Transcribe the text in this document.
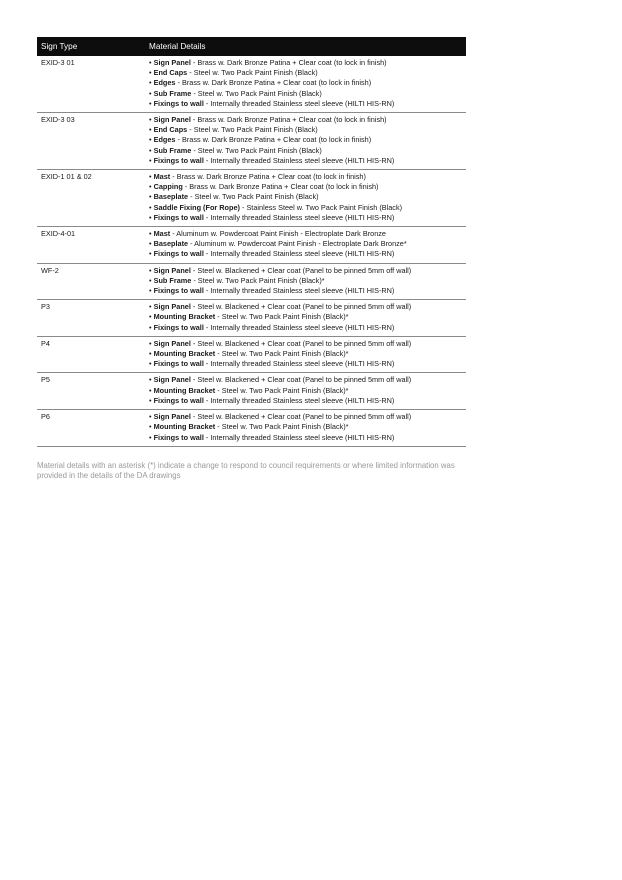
Sign Type	Material Details
EXID-3 01	• Sign Panel - Brass w. Dark Bronze Patina + Clear coat (to lock in finish)
• End Caps - Steel w. Two Pack Paint Finish (Black)
• Edges - Brass w. Dark Bronze Patina + Clear coat (to lock in finish)
• Sub Frame - Steel w. Two Pack Paint Finish (Black)
• Fixings to wall - Internally threaded Stainless steel sleeve (HILTI HIS-RN)

EXID-3 03	• Sign Panel - Brass w. Dark Bronze Patina + Clear coat (to lock in finish)
• End Caps - Steel w. Two Pack Paint Finish (Black)
• Edges - Brass w. Dark Bronze Patina + Clear coat (to lock in finish)
• Sub Frame - Steel w. Two Pack Paint Finish (Black)
• Fixings to wall - Internally threaded Stainless steel sleeve (HILTI HIS-RN)

EXID-1 01 & 02	• Mast - Brass w. Dark Bronze Patina + Clear coat (to lock in finish)
• Capping - Brass w. Dark Bronze Patina + Clear coat (to lock in finish)
• Baseplate - Steel w. Two Pack Paint Finish (Black)
• Saddle Fixing (For Rope) - Stainless Steel w. Two Pack Paint Finish (Black)
• Fixings to wall - Internally threaded Stainless steel sleeve (HILTI HIS-RN)

EXID-4-01	• Mast - Aluminum w. Powdercoat Paint Finish - Electroplate Dark Bronze
• Baseplate - Aluminum w. Powdercoat Paint Finish - Electroplate Dark Bronze*
• Fixings to wall - Internally threaded Stainless steel sleeve (HILTI HIS-RN)

WF-2	• Sign Panel - Steel w. Blackened + Clear coat (Panel to be pinned 5mm off wall)
• Sub Frame - Steel w. Two Pack Paint Finish (Black)*
• Fixings to wall - Internally threaded Stainless steel sleeve (HILTI HIS-RN)

P3	• Sign Panel - Steel w. Blackened + Clear coat (Panel to be pinned 5mm off wall)
• Mounting Bracket - Steel w. Two Pack Paint Finish (Black)*
• Fixings to wall - Internally threaded Stainless steel sleeve (HILTI HIS-RN)

P4	• Sign Panel - Steel w. Blackened + Clear coat (Panel to be pinned 5mm off wall)
• Mounting Bracket - Steel w. Two Pack Paint Finish (Black)*
• Fixings to wall - Internally threaded Stainless steel sleeve (HILTI HIS-RN)

P5	• Sign Panel - Steel w. Blackened + Clear coat (Panel to be pinned 5mm off wall)
• Mounting Bracket - Steel w. Two Pack Paint Finish (Black)*
• Fixings to wall - Internally threaded Stainless steel sleeve (HILTI HIS-RN)

P6	• Sign Panel - Steel w. Blackened + Clear coat (Panel to be pinned 5mm off wall)
• Mounting Bracket - Steel w. Two Pack Paint Finish (Black)*
• Fixings to wall - Internally threaded Stainless steel sleeve (HILTI HIS-RN)
Material details with an asterisk (*) indicate a change to respond to council requirements or where limited information was provided in the details of the DA drawings
